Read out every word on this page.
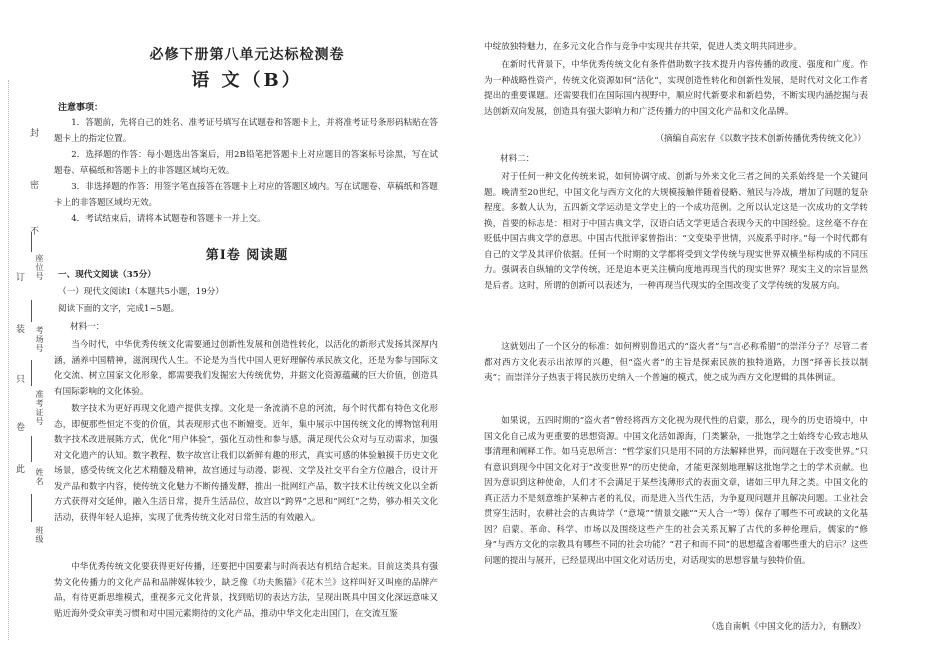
封
密
不
订
装
只
卷
此
座位号
考场号
准考证号
姓名
班级
必修下册第八单元达标检测卷
语 文（B）
注意事项：
1．答题前，先将自己的姓名、准考证号填写在试题卷和答题卡上，并将准考证号条形码粘贴在答题卡上的指定位置。
2．选择题的作答：每小题选出答案后，用2B铅笔把答题卡上对应题目的答案标号涂黑，写在试题卷、草稿纸和答题卡上的非答题区域均无效。
3．非选择题的作答：用签字笔直接答在答题卡上对应的答题区域内。写在试题卷、草稿纸和答题卡上的非答题区域均无效。
4．考试结束后，请将本试题卷和答题卡一并上交。
第Ⅰ卷 阅读题
一、现代文阅读（35分）
（一）现代文阅读Ⅰ（本题共5小题，19分）
阅读下面的文字，完成1~5题。
材料一：
当今时代，中华优秀传统文化需要通过创新性发展和创造性转化，以活化的新形式发扬其深厚内涵，涵养中国精神，滋润现代人生。不论是为当代中国人更好理解传承民族文化，还是为参与国际文化交流、树立国家文化形象，都需要我们发掘宏大传统优势，并据文化资源蕴藏的巨大价值，创造具有国际影响的文化体验。
数字技术为更好再现文化遗产提供支撑。文化是一条流淌不息的河流，每个时代都有特色文化形态，即便那些恒定不变的价值，其表现形式也不断嬗变。近年，集中展示中国传统文化的博物馆利用数字技术改进展陈方式，优化“用户体验”，强化互动性和参与感，满足现代公众对与互动需求，加强对文化遗产的认知。数字教程、数字故宫让我们以新鲜有趣的形式，真实可感的体验触摸千历史文化场景，感受传统文化艺术精髓及精神，故宫通过与动漫、影视、文学及社交平台全方位融合，设计开发产品和数字内容，使传统文化魅力不断传播发酵，推出一批网红产品，数字技术让传统文化以全新方式获得对交延伸，融入生活日常，提升生活品位，故宫以“跨界”之思和“网红”之势，够办相关文化活动，获得年轻人追捧，实现了优秀传统文化对日常生活的有效融入。
中华优秀传统文化要获得更好传播，还要把中国要素与时尚表达有机结合起来。目前这类具有强势文化传播力的文化产品和品牌媒体较少，缺乏像《功夫熊猫》《花木兰》这样叫好又叫座的品牌产品，有待更新思维模式，重视多元文化背景，找到贴切的表达方法，呈现出既具中国文化深远意味又贴近海外受众审美习惯和对中国元素期待的文化产品，推动中华文化走出国门，在交流互鉴
中绽放独特魅力，在多元文化合作与竞争中实现共存共荣，促进人类文明共同进步。
在新时代背景下，中华优秀传统文化有条件借助数字技术提升内容传播的政度、强度和广度。作为一种战略性资产，传统文化资源如何“活化”，实现创造性转化和创新性发展，是时代对文化工作者提出的重要课题。还需要我们在国际国内视野中，顺应时代新要求和新趋势，不断实现内涵挖掘与表达创新双向发展，创造具有强大影响力和广泛传播力的中国文化产品和文化品牌。
（摘编自高宏存《以数字技术创新传播优秀传统文化》）
材料二：
对于任何一种文化传统来说，如何协调守成、创新与外来文化三者之间的关系始终是一个关键问题。晚清至20世纪，中国文化与西方文化的大规模接触伴随着侵略、殖民与冷战，增加了问题的复杂程度。多数人认为，五四新文学运动是文学史上的一个成功范例。之所以认定这是一次成功的文学转换，首要的标志是：相对于中国古典文学，汉语白话文学更适合表现今天的中国经验。这丝毫不存在贬低中国古典文学的意思。中国古代批评家曾指出：“文变染乎世情，兴废系乎时序。”每一个时代都有自己的文学及其评价依据。任何一个时期的文学都将受到文学传统与现实世界双横坐标构成的不同压力。强调表自纵轴的文学传统，还是迫本更关注横向度地再现当代的现实世界？现实主义的宗旨显然是后者。这时，所谓的创新可以表述为，一种再现当代现实的全围改变了文学传统的发展方向。
这就划出了一个区分的标准：如何辨别鲁迅式的“盗火者”与“言必称希腊”的崇洋分子？尽管二者都对西方文化表示出浓厚的兴趣，但“盗火者”的主旨是探索民族的独特道路，力图“择善长技以制夷”；而崇洋分子热衷于将民族历史纳入一个普遍的模式，使之成为西方文化逻辑的具体例证。
如果说，五四时期的“盗火者”曾经将西方文化视为现代性的启蒙，那么，现今的历史语境中，中国文化自己成为更重要的思想资源。中国文化活如源海，门类繁杂，一批饱学之士始终专心致志地从事清理和阐释工作。如马克思所言：“哲学家们只是用不同的方法解释世界，而问题在于改变世界。”只有意识到现今中国文化对于“改变世界”的历史使命，才能更深刻地理解这批饱学之士的学术贡献。也因为意识到这种使命，人们才不会满足于某些浅薄形式的表面文章，诸如三甲九拜之类。中国文化的真正活力不是刻意维护某种古老的礼仪，而是进入当代生活，为争夏现问题并且解决问题。工业社会贯穿生活时，农耕社会的古典诗学（“意境”“情景交融”“天人合一”等）保存了哪些不可或缺的文化基因？启蒙、革命、科学、市场以及围绕这些产生的社会关系瓦解了古代的多种伦理后，儒家的“修身”与西方文化的宗教具有哪些不同的社会功能？“君子和而不同”的思想蕴含着哪些重大的启示？这些问题的提出与展开，已经显现出中国文化对话历史，对话现实的思想容量与独特价值。
（选自南帆《中国文化的活力》，有删改）
